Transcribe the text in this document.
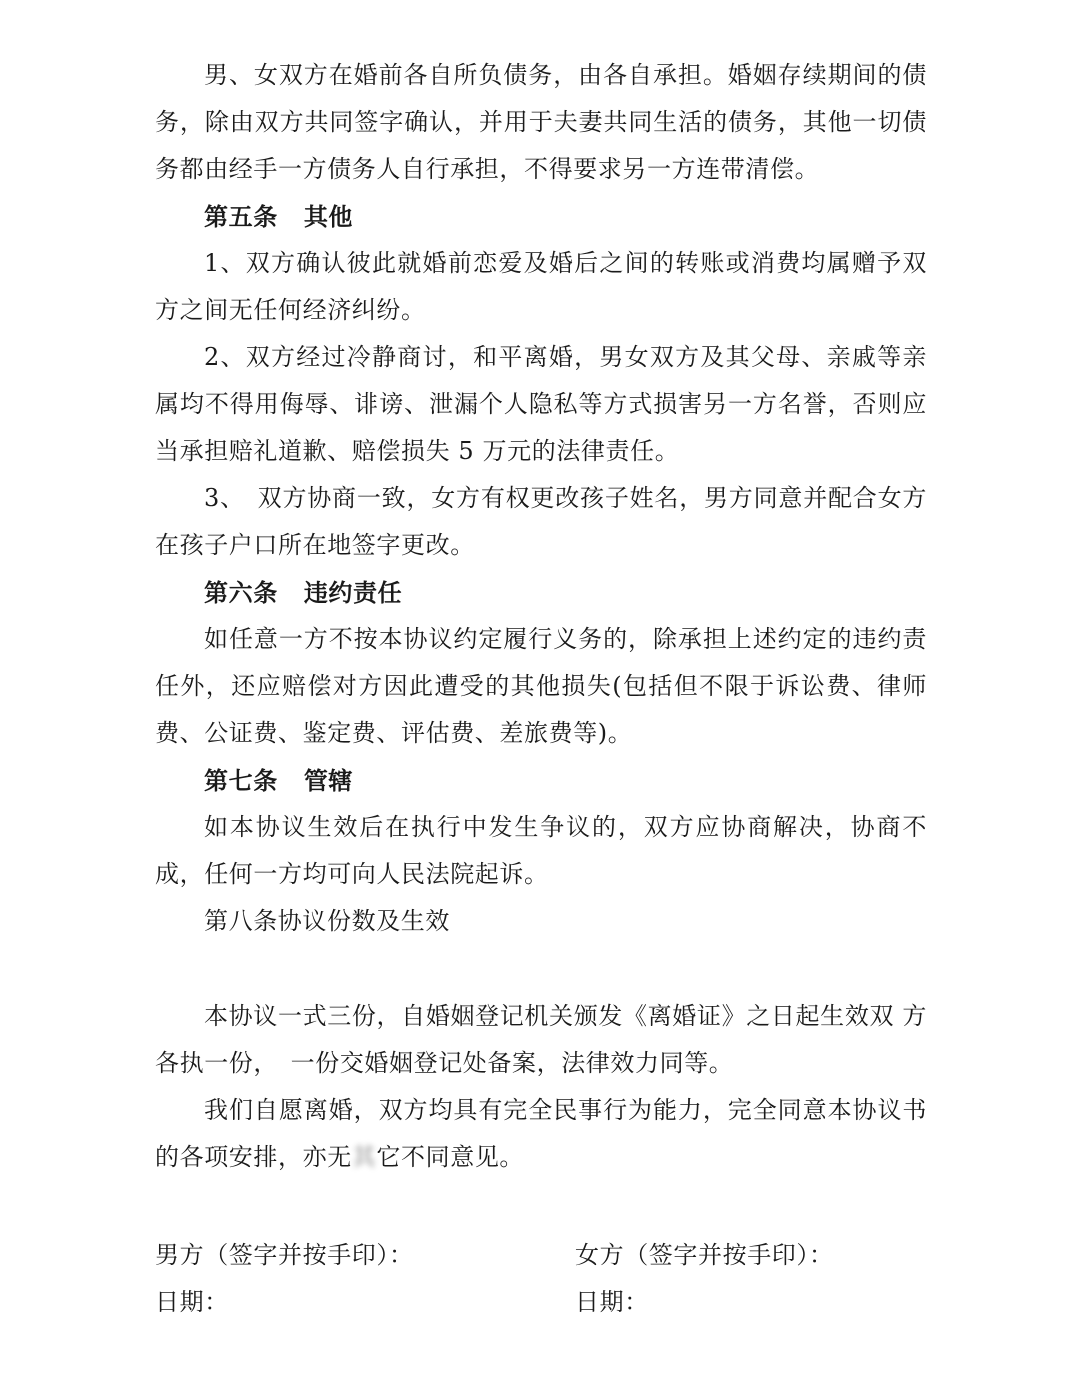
男、女双方在婚前各自所负债务，由各自承担。婚姻存续期间的债务，除由双方共同签字确认，并用于夫妻共同生活的债务，其他一切债务都由经手一方债务人自行承担，不得要求另一方连带清偿。

第五条 其他

1、双方确认彼此就婚前恋爱及婚后之间的转账或消费均属赠予双方之间无任何经济纠纷。

2、双方经过冷静商讨，和平离婚，男女双方及其父母、亲戚等亲属均不得用侮辱、诽谤、泄漏个人隐私等方式损害另一方名誉，否则应当承担赔礼道歉、赔偿损失 5 万元的法律责任。

3、　双方协商一致，女方有权更改孩子姓名，男方同意并配合女方在孩子户口所在地签字更改。

第六条 违约责任

如任意一方不按本协议约定履行义务的，除承担上述约定的违约责任外，还应赔偿对方因此遭受的其他损失(包括但不限于诉讼费、律师费、公证费、鉴定费、评估费、差旅费等)。

第七条 管辖

如本协议生效后在执行中发生争议的，双方应协商解决，协商不成，任何一方均可向人民法院起诉。

第八条协议份数及生效

本协议一式三份，自婚姻登记机关颁发《离婚证》之日起生效双 方各执一份，　一份交婚姻登记处备案，法律效力同等。

我们自愿离婚，双方均具有完全民事行为能力，完全同意本协议书的各项安排，亦无其它不同意见。

男方（签字并按手印）：	女方（签字并按手印）：
日期：	日期：
